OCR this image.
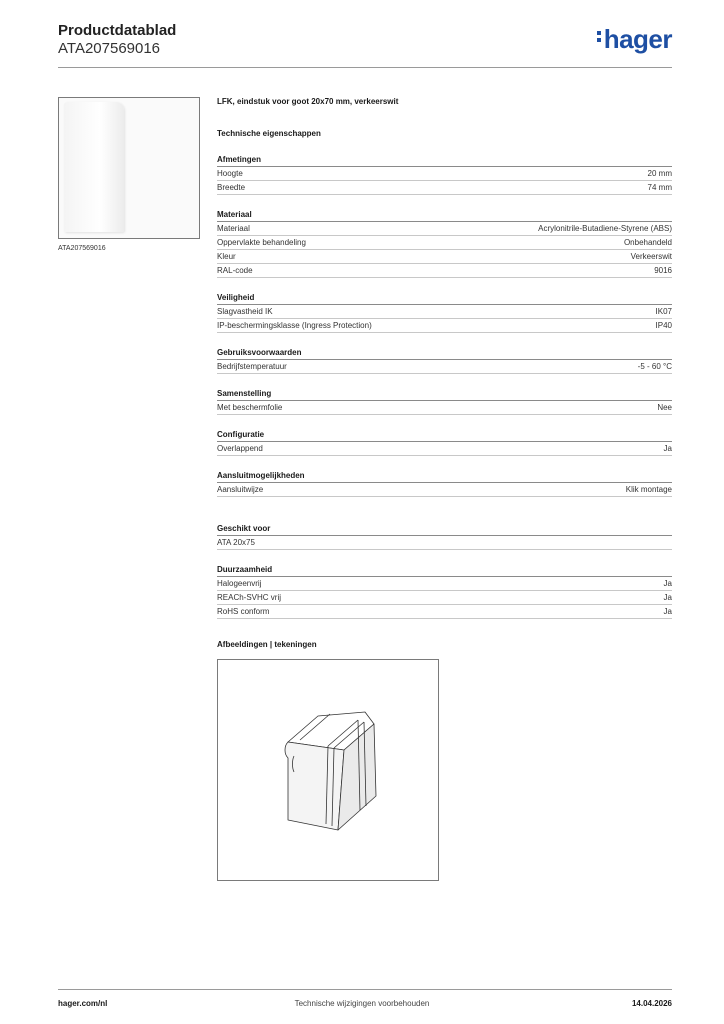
Productdatablad
ATA207569016	hager
ATA207569016
LFK, eindstuk voor goot 20x70 mm, verkeerswit
Technische eigenschappen
Afmetingen
Hoogte	20 mm
Breedte	74 mm
Materiaal
Materiaal	Acrylonitrile-Butadiene-Styrene (ABS)
Oppervlakte behandeling	Onbehandeld
Kleur	Verkeerswit
RAL-code	9016
Veiligheid
Slagvastheid IK	IK07
IP-beschermingsklasse (Ingress Protection)	IP40
Gebruiksvoorwaarden
Bedrijfstemperatuur	-5 - 60 °C
Samenstelling
Met beschermfolie	Nee
Configuratie
Overlappend	Ja
Aansluitmogelijkheden
Aansluitwijze	Klik montage
Geschikt voor
ATA 20x75
Duurzaamheid
Halogeenvrij	Ja
REACh-SVHC vrij	Ja
RoHS conform	Ja
Afbeeldingen | tekeningen
hager.com/nl	Technische wijzigingen voorbehouden	14.04.2026
